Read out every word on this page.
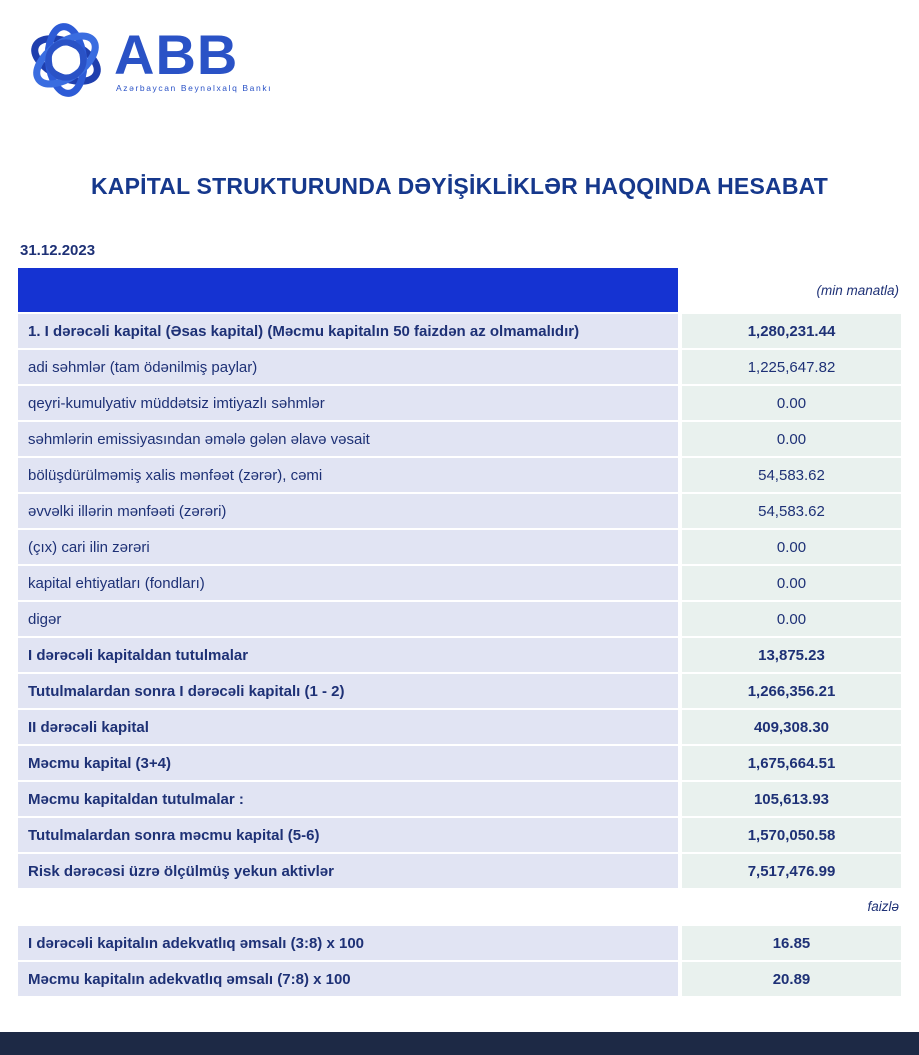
ABB
Azərbaycan Beynəlxalq Bankı
KAPİTAL STRUKTURUNDA DƏYİŞİKLİKLƏR HAQQINDA HESABAT
31.12.2023
(min manatla)
1. I dərəcəli kapital (Əsas kapital) (Məcmu kapitalın 50 faizdən az olmamalıdır)	1,280,231.44
adi səhmlər (tam ödənilmiş paylar)	1,225,647.82
qeyri-kumulyativ müddətsiz imtiyazlı səhmlər	0.00
səhmlərin emissiyasından əmələ gələn əlavə vəsait	0.00
bölüşdürülməmiş xalis mənfəət (zərər), cəmi	54,583.62
əvvəlki illərin mənfəəti (zərəri)	54,583.62
(çıx) cari ilin zərəri	0.00
kapital ehtiyatları (fondları)	0.00
digər	0.00
I dərəcəli kapitaldan tutulmalar	13,875.23
Tutulmalardan sonra I dərəcəli kapitalı (1 - 2)	1,266,356.21
II dərəcəli kapital	409,308.30
Məcmu kapital (3+4)	1,675,664.51
Məcmu kapitaldan tutulmalar :	105,613.93
Tutulmalardan sonra məcmu kapital (5-6)	1,570,050.58
Risk dərəcəsi üzrə ölçülmüş yekun aktivlər	7,517,476.99
faizlə
I dərəcəli kapitalın adekvatlıq əmsalı (3:8) x 100	16.85
Məcmu kapitalın adekvatlıq əmsalı (7:8) x 100	20.89
